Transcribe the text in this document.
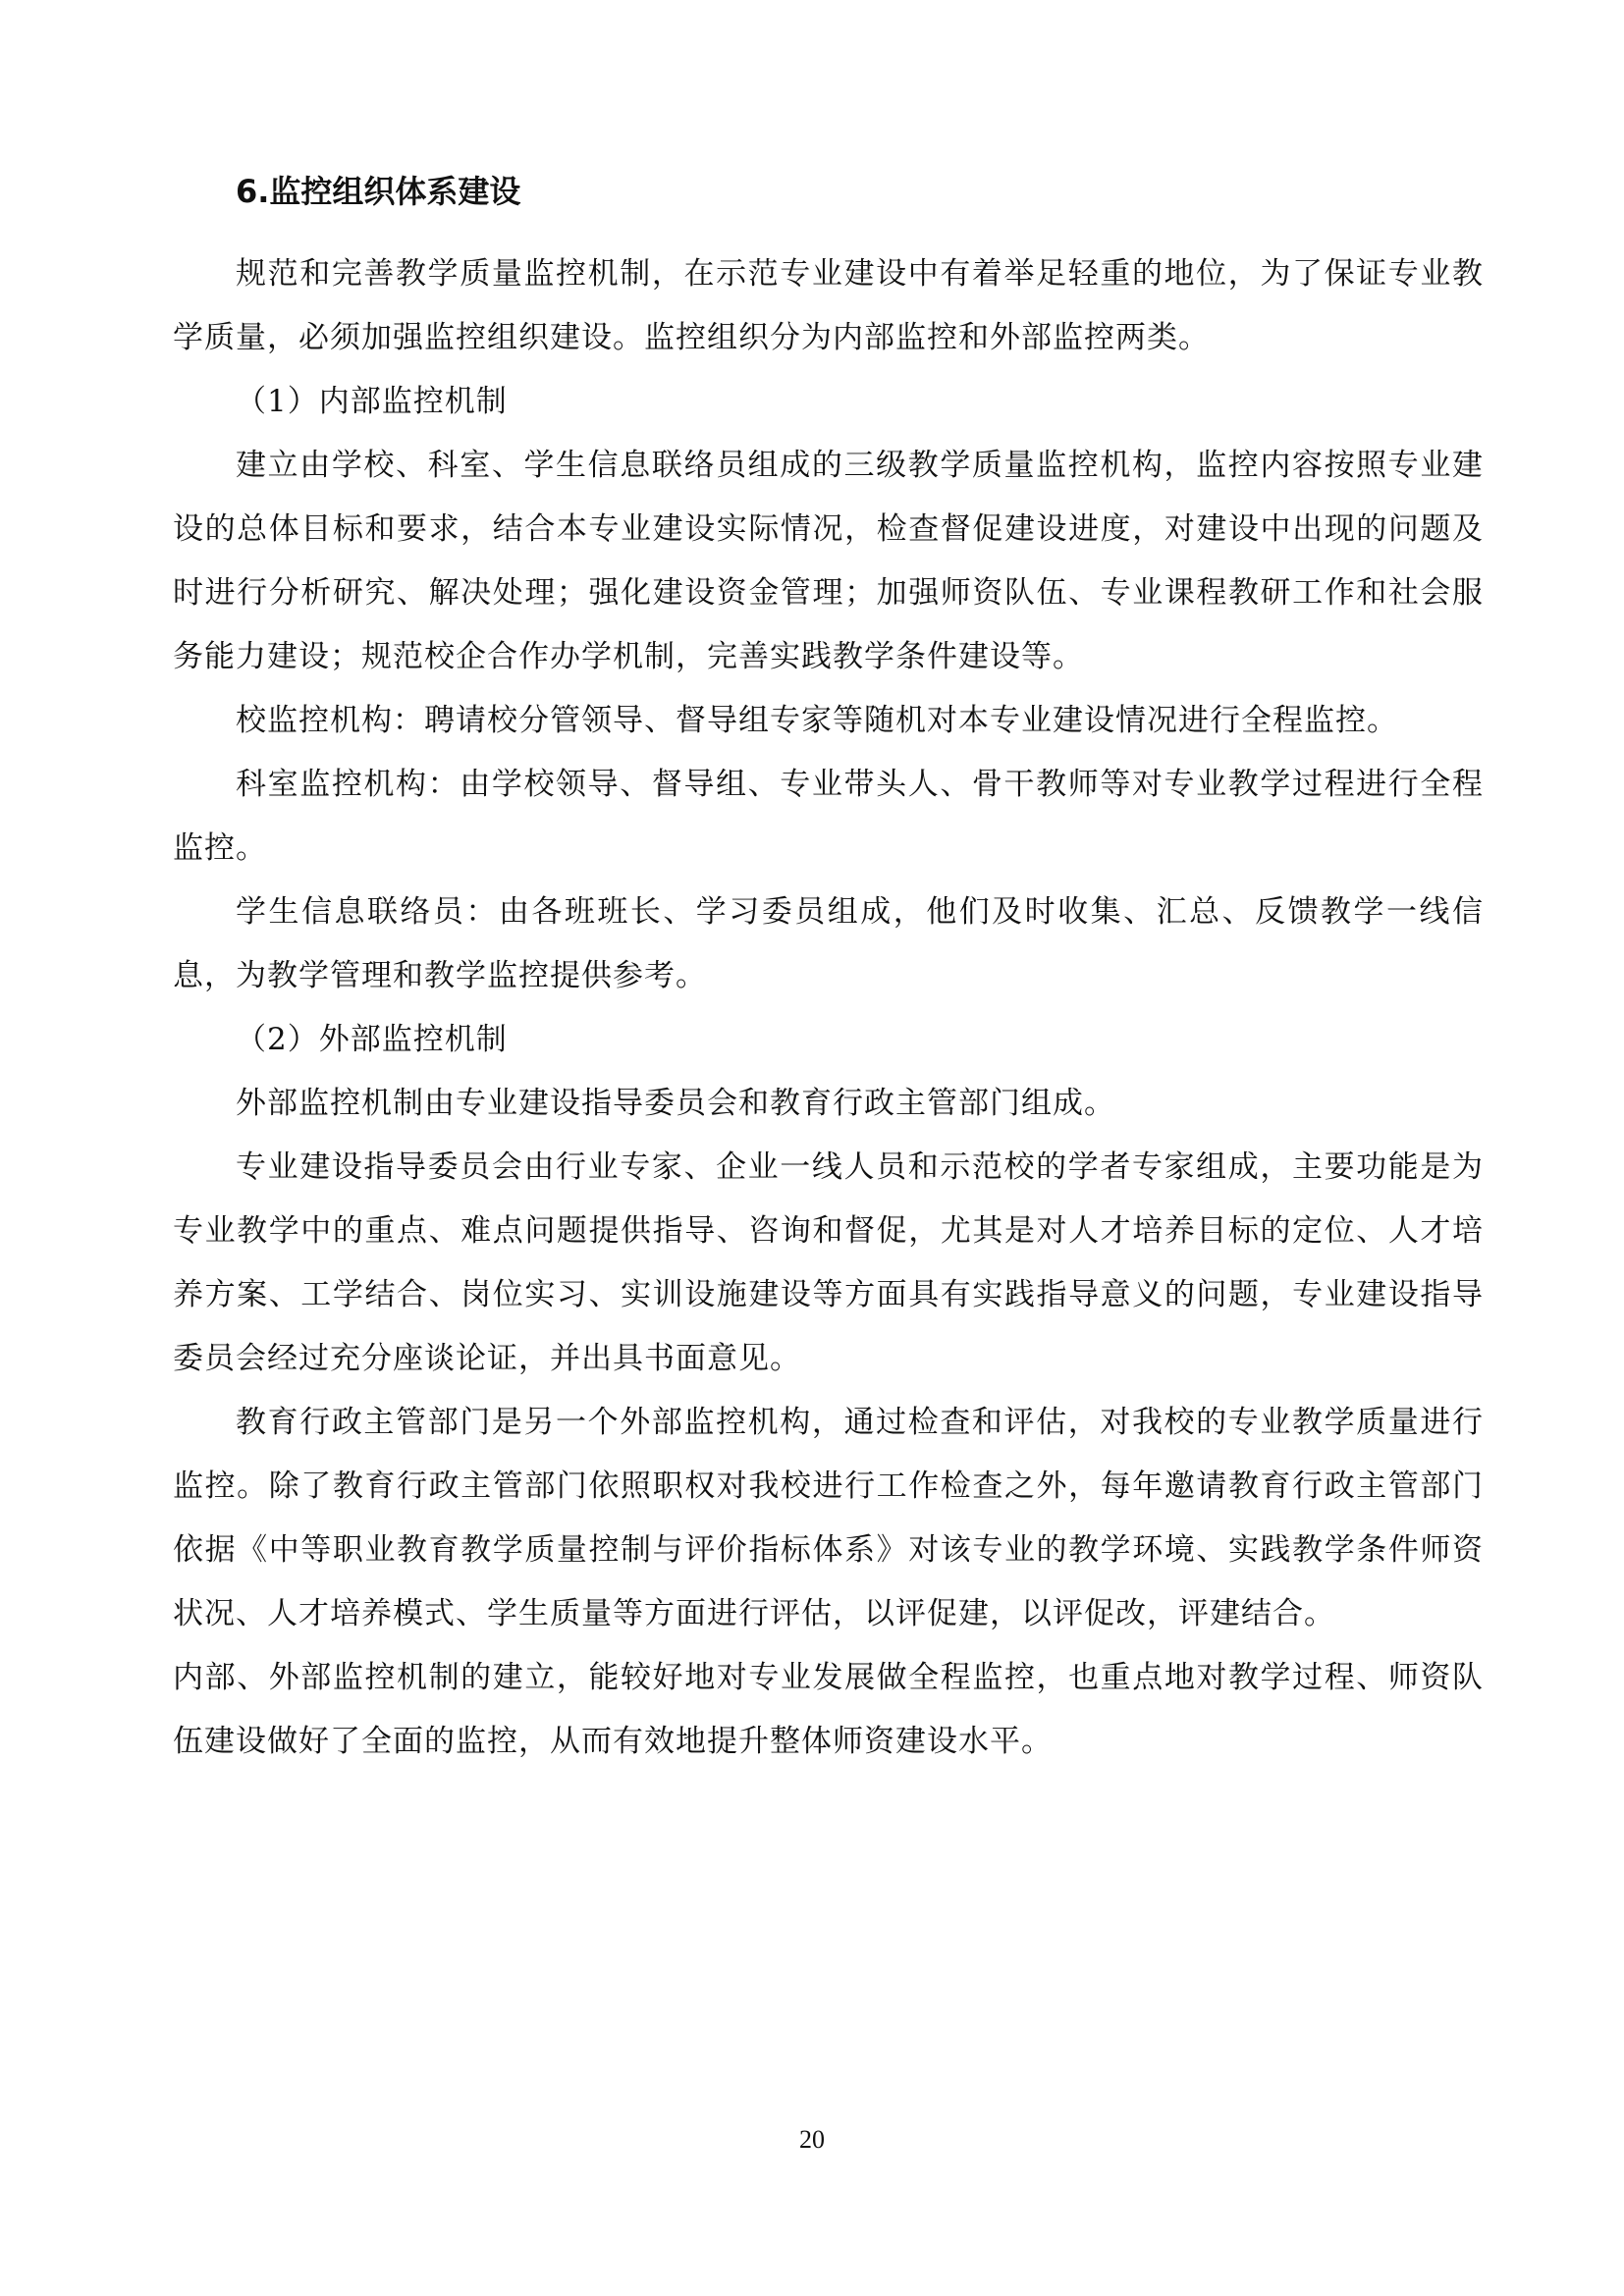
6.监控组织体系建设

规范和完善教学质量监控机制，在示范专业建设中有着举足轻重的地位，为了保证专业教学质量，必须加强监控组织建设。监控组织分为内部监控和外部监控两类。

（1）内部监控机制

建立由学校、科室、学生信息联络员组成的三级教学质量监控机构，监控内容按照专业建设的总体目标和要求，结合本专业建设实际情况，检查督促建设进度，对建设中出现的问题及时进行分析研究、解决处理；强化建设资金管理；加强师资队伍、专业课程教研工作和社会服务能力建设；规范校企合作办学机制，完善实践教学条件建设等。

校监控机构：聘请校分管领导、督导组专家等随机对本专业建设情况进行全程监控。

科室监控机构：由学校领导、督导组、专业带头人、骨干教师等对专业教学过程进行全程监控。

学生信息联络员：由各班班长、学习委员组成，他们及时收集、汇总、反馈教学一线信息，为教学管理和教学监控提供参考。

（2）外部监控机制

外部监控机制由专业建设指导委员会和教育行政主管部门组成。

专业建设指导委员会由行业专家、企业一线人员和示范校的学者专家组成，主要功能是为专业教学中的重点、难点问题提供指导、咨询和督促，尤其是对人才培养目标的定位、人才培养方案、工学结合、岗位实习、实训设施建设等方面具有实践指导意义的问题，专业建设指导委员会经过充分座谈论证，并出具书面意见。

教育行政主管部门是另一个外部监控机构，通过检查和评估，对我校的专业教学质量进行监控。除了教育行政主管部门依照职权对我校进行工作检查之外，每年邀请教育行政主管部门依据《中等职业教育教学质量控制与评价指标体系》对该专业的教学环境、实践教学条件师资状况、人才培养模式、学生质量等方面进行评估，以评促建，以评促改，评建结合。

内部、外部监控机制的建立，能较好地对专业发展做全程监控，也重点地对教学过程、师资队伍建设做好了全面的监控，从而有效地提升整体师资建设水平。

20
